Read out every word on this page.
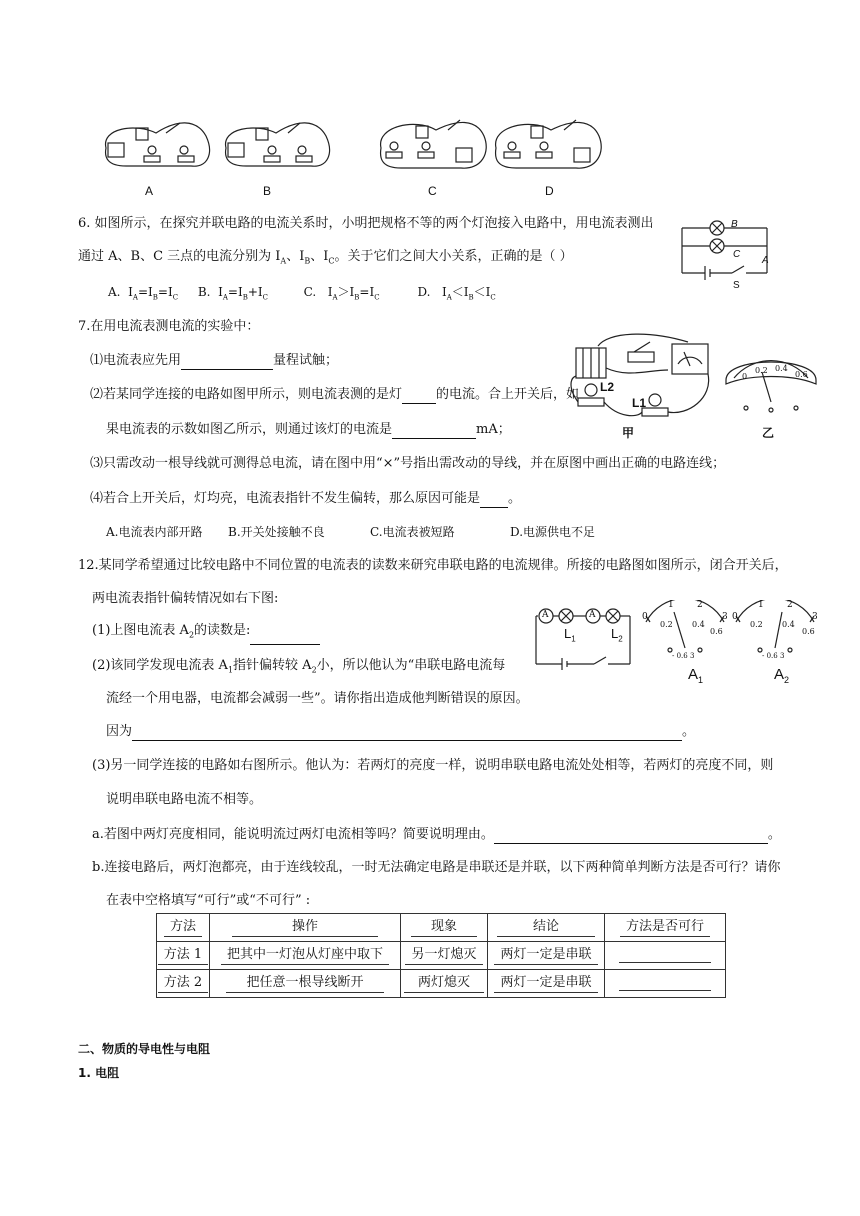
A	B	C	D
6. 如图所示，在探究并联电路的电流关系时，小明把规格不等的两个灯泡接入电路中，用电流表测出
通过 A、B、C 三点的电流分别为 $I_A$、$I_B$、$I_C$。关于它们之间大小关系，正确的是（ ）
A. $I_A=I_B=I_C$ B. $I_A=I_B+I_C$	C. $I_A>I_B=I_C$	D. $I_A<I_B<I_C$
B
C
A
S
7.在用电流表测电流的实验中：
⑴电流表应先用	量程试触；
⑵若某同学连接的电路如图甲所示，则电流表测的是灯	的电流。合上开关后，如
果电流表的示数如图乙所示，则通过该灯的电流是	mA；
⑶只需改动一根导线就可测得总电流，请在图中用“×”号指出需改动的导线，并在原图中画出正确的电路连线；
⑷若合上开关后，灯均亮，电流表指针不发生偏转，那么原因可能是 。
A.电流表内部开路 B.开关处接触不良	C.电流表被短路	D.电源供电不足
L2
L1
甲
0
0.2 0.4
0.6
乙
12.某同学希望通过比较电路中不同位置的电流表的读数来研究串联电路的电流规律。所接的电路图如图所示，闭合开关后，
两电流表指针偏转情况如右下图:
(1)上图电流表 $A_2$的读数是:
(2)该同学发现电流表 $A_1$指针偏转较 $A_2$小，所以他认为“串联电路电流每
流经一个用电器，电流都会减弱一些”。请你指出造成他判断错误的原因。
因为	。
(3)另一同学连接的电路如右图所示。他认为：若两灯的亮度一样，说明串联电路电流处处相等，若两灯的亮度不同，则
说明串联电路电流不相等。
a.若图中两灯亮度相同，能说明流过两灯电流相等吗？简要说明理由。	。
b.连接电路后，两灯泡都亮，由于连线较乱，一时无法确定电路是串联还是并联，以下两种简单判断方法是否可行？请你
在表中空格填写“可行”或“不可行” :
A	A
$L_1$	$L_2$
1	2
0	3
0.2 0.4
0.6
- 0.6 3
$A_1$
1	2
0	3
0.2 0.4
0.6
- 0.6 3
$A_2$
方法	操作	现象	结论	方法是否可行
方法 1	把其中一灯泡从灯座中取下	另一灯熄灭	两灯一定是串联	
方法 2	把任意一根导线断开	两灯熄灭	两灯一定是串联	
二、物质的导电性与电阻
1. 电阻
